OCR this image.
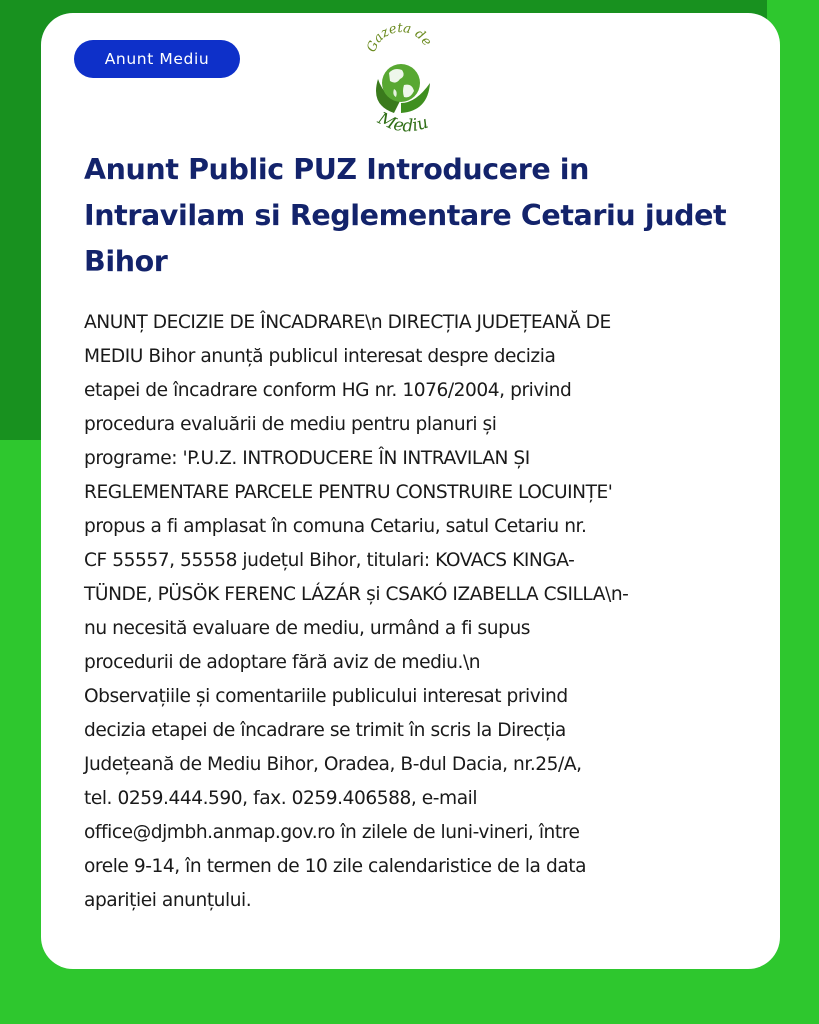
Anunt Mediu
Gazeta de
Mediu
Anunt Public PUZ Introducere in Intravilam si Reglementare Cetariu judet Bihor

ANUNȚ DECIZIE DE ÎNCADRARE\n DIRECȚIA JUDEȚEANĂ DE
MEDIU Bihor anunță publicul interesat despre decizia
etapei de încadrare conform HG nr. 1076/2004, privind
procedura evaluării de mediu pentru planuri și
programe: 'P.U.Z. INTRODUCERE ÎN INTRAVILAN ȘI
REGLEMENTARE PARCELE PENTRU CONSTRUIRE LOCUINȚE'
propus a fi amplasat în comuna Cetariu, satul Cetariu nr.
CF 55557, 55558 județul Bihor, titulari: KOVACS KINGA-
TÜNDE, PÜSÖK FERENC LÁZÁR și CSAKÓ IZABELLA CSILLA\n-
nu necesită evaluare de mediu, urmând a fi supus
procedurii de adoptare fără aviz de mediu.\n
Observațiile și comentariile publicului interesat privind
decizia etapei de încadrare se trimit în scris la Direcția
Județeană de Mediu Bihor, Oradea, B-dul Dacia, nr.25/A,
tel. 0259.444.590, fax. 0259.406588, e-mail
office@djmbh.anmap.gov.ro în zilele de luni-vineri, între
orele 9-14, în termen de 10 zile calendaristice de la data
apariției anunțului.
